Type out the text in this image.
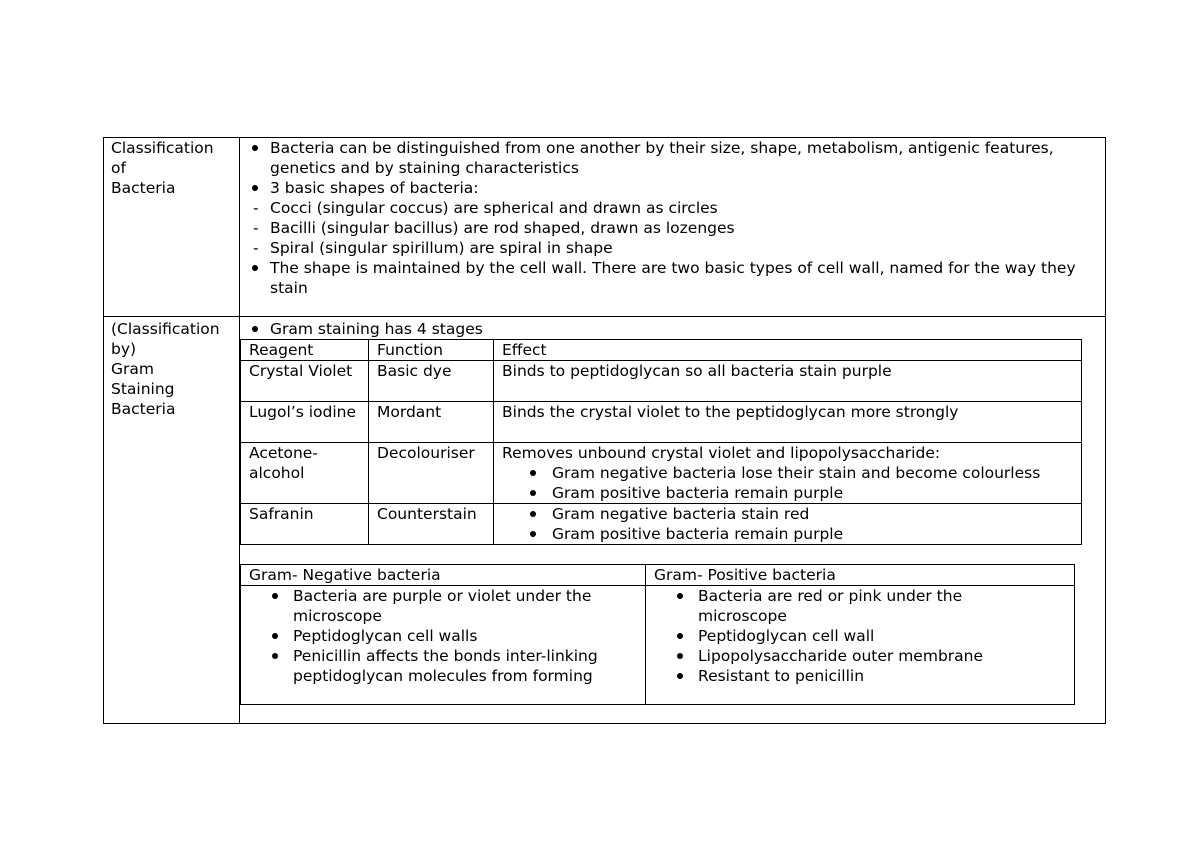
Classification
of
Bacteria

Bacteria can be distinguished from one another by their size, shape, metabolism, antigenic features, genetics and by staining characteristics
3 basic shapes of bacteria:
- Cocci (singular coccus) are spherical and drawn as circles
- Bacilli (singular bacillus) are rod shaped, drawn as lozenges
- Spiral (singular spirillum) are spiral in shape
The shape is maintained by the cell wall. There are two basic types of cell wall, named for the way they stain

(Classification
by)
Gram
Staining
Bacteria

Gram staining has 4 stages
Reagent	Function	Effect
Crystal Violet	Basic dye	Binds to peptidoglycan so all bacteria stain purple
Lugol’s iodine	Mordant	Binds the crystal violet to the peptidoglycan more strongly
Acetone-alcohol	Decolouriser	Removes unbound crystal violet and lipopolysaccharide:
Gram negative bacteria lose their stain and become colourless
Gram positive bacteria remain purple

Safranin	Counterstain	Gram negative bacteria stain red
Gram positive bacteria remain purple
Gram- Negative bacteria	Gram- Positive bacteria

Bacteria are purple or violet under the microscope
Peptidoglycan cell walls
Penicillin affects the bonds inter-linking peptidoglycan molecules from forming

Bacteria are red or pink under the microscope
Peptidoglycan cell wall
Lipopolysaccharide outer membrane
Resistant to penicillin
